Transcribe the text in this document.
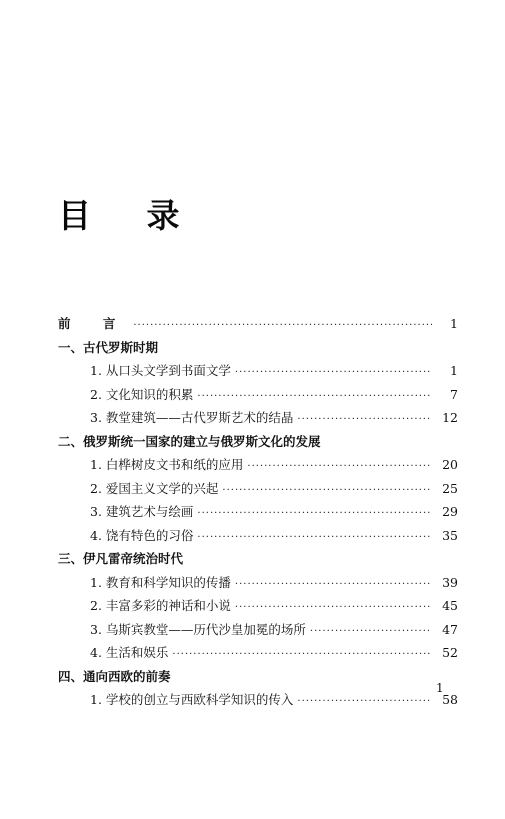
目 录
前 言 ·····	1
一、古代罗斯时期
1. 从口头文学到书面文学 ·····	1
2. 文化知识的积累 ·····	7
3. 教堂建筑——古代罗斯艺术的结晶 ·····	12
二、俄罗斯统一国家的建立与俄罗斯文化的发展
1. 白桦树皮文书和纸的应用 ·····	20
2. 爱国主义文学的兴起 ·····	25
3. 建筑艺术与绘画 ·····	29
4. 饶有特色的习俗 ·····	35
三、伊凡雷帝统治时代
1. 教育和科学知识的传播 ·····	39
2. 丰富多彩的神话和小说 ·····	45
3. 乌斯宾教堂——历代沙皇加冕的场所 ·····	47
4. 生活和娱乐 ·····	52
四、通向西欧的前奏
1. 学校的创立与西欧科学知识的传入 ·····	58
1
